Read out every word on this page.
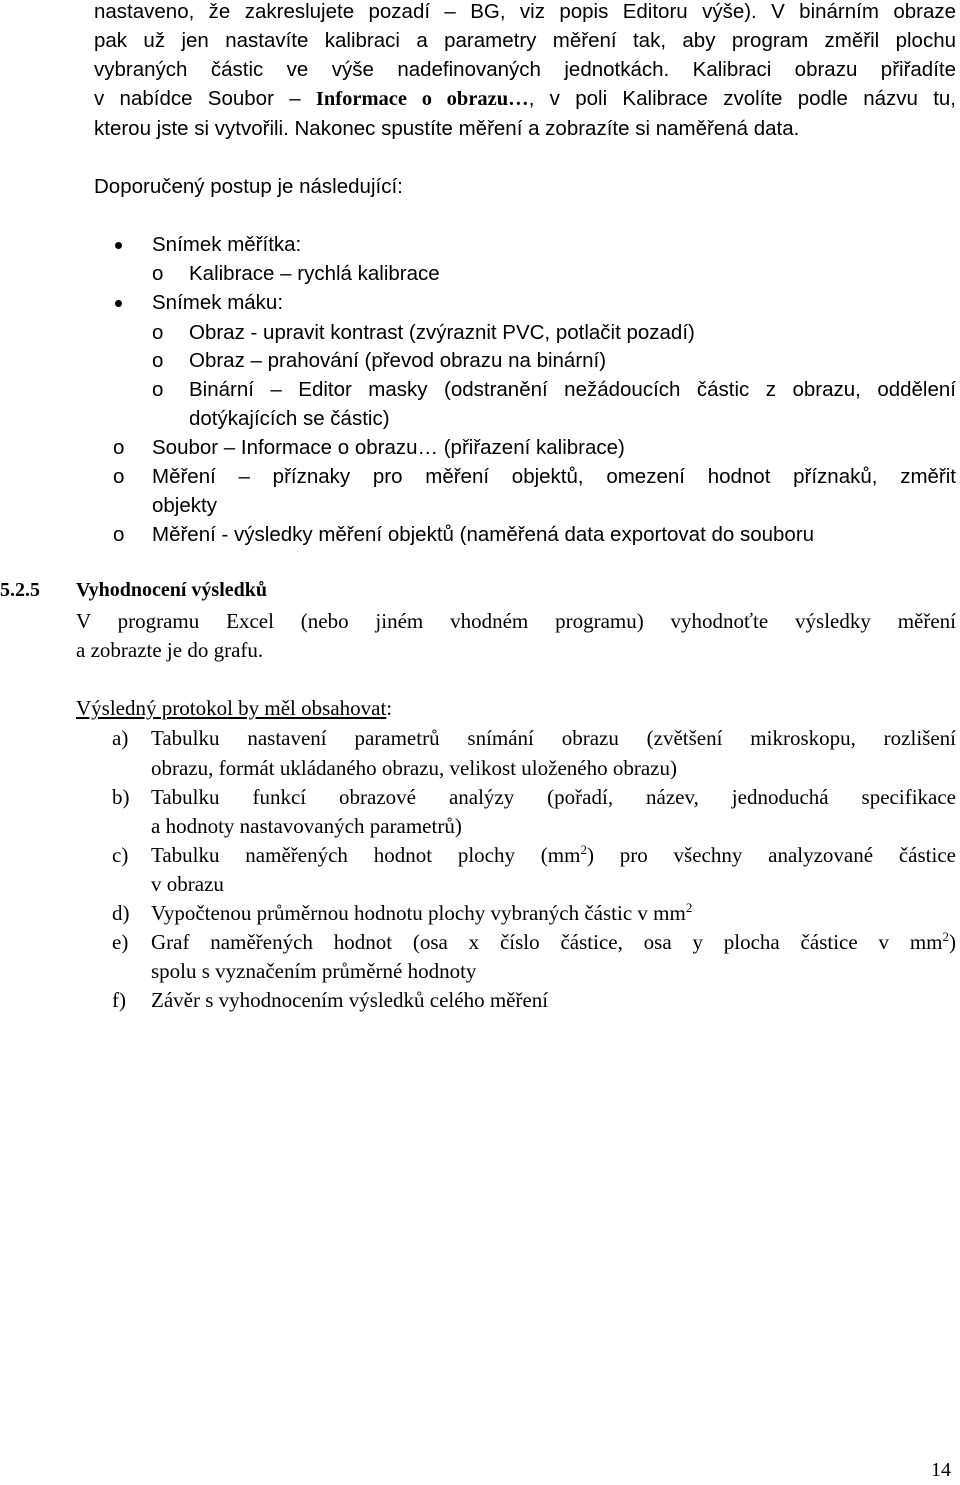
nastaveno, že zakreslujete pozadí – BG, viz popis Editoru výše). V binárním obraze
pak už jen nastavíte kalibraci a parametry měření tak, aby program změřil plochu
vybraných částic ve výše nadefinovaných jednotkách. Kalibraci obrazu přiřadíte
v nabídce Soubor – Informace o obrazu…, v poli Kalibrace zvolíte podle názvu tu,
kterou jste si vytvořili. Nakonec spustíte měření a zobrazíte si naměřená data.
Doporučený postup je následující:
Snímek měřítka:
o Kalibrace – rychlá kalibrace
Snímek máku:
o Obraz - upravit kontrast (zvýraznit PVC, potlačit pozadí)
o Obraz – prahování (převod obrazu na binární)
o Binární – Editor masky (odstranění nežádoucích částic z obrazu, oddělení
dotýkajících se částic)
o Soubor – Informace o obrazu… (přiřazení kalibrace)
o Měření – příznaky pro měření objektů, omezení hodnot příznaků, změřit
objekty
o Měření - výsledky měření objektů (naměřená data exportovat do souboru
5.2.5 Vyhodnocení výsledků
V programu Excel (nebo jiném vhodném programu) vyhodnoťte výsledky měření
a zobrazte je do grafu.
Výsledný protokol by měl obsahovat:
a) Tabulku nastavení parametrů snímání obrazu (zvětšení mikroskopu, rozlišení
obrazu, formát ukládaného obrazu, velikost uloženého obrazu)
b) Tabulku funkcí obrazové analýzy (pořadí, název, jednoduchá specifikace
a hodnoty nastavovaných parametrů)
c) Tabulku naměřených hodnot plochy $(mm^2)$ pro všechny analyzované částice
v obrazu
d) Vypočtenou průměrnou hodnotu plochy vybraných částic v $mm^2$
e) Graf naměřených hodnot (osa x číslo částice, osa y plocha částice v $mm^2$)
spolu s vyznačením průměrné hodnoty
f) Závěr s vyhodnocením výsledků celého měření
14
